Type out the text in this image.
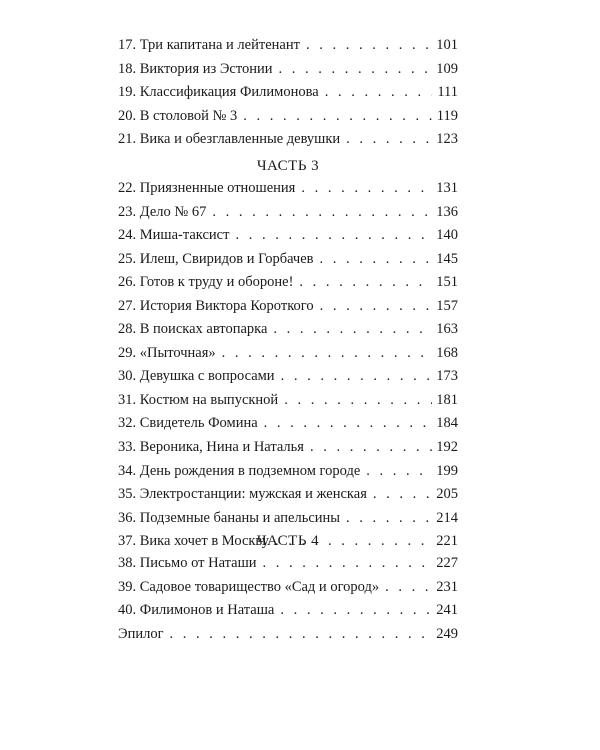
17. Три капитана и лейтенант . . .	101
18. Виктория из Эстонии . . .	109
19. Классификация Филимонова . . .	111
20. В столовой № 3 . . .	119
21. Вика и обезглавленные девушки . . .	123
ЧАСТЬ 3
22. Приязненные отношения . . .	131
23. Дело № 67 . . .	136
24. Миша-таксист . . .	140
25. Илеш, Свиридов и Горбачев . . .	145
26. Готов к труду и обороне! . . .	151
27. История Виктора Короткого . . .	157
28. В поисках автопарка . . .	163
29. «Пыточная» . . .	168
30. Девушка с вопросами . . .	173
31. Костюм на выпускной . . .	181
32. Свидетель Фомина . . .	184
33. Вероника, Нина и Наталья . . .	192
34. День рождения в подземном городе . . .	199
35. Электростанции: мужская и женская . . .	205
36. Подземные бананы и апельсины . . .	214
37. Вика хочет в Москву . . .	221
ЧАСТЬ 4
38. Письмо от Наташи . . .	227
39. Садовое товарищество «Сад и огород» . . .	231
40. Филимонов и Наташа . . .	241
Эпилог . . .	249
